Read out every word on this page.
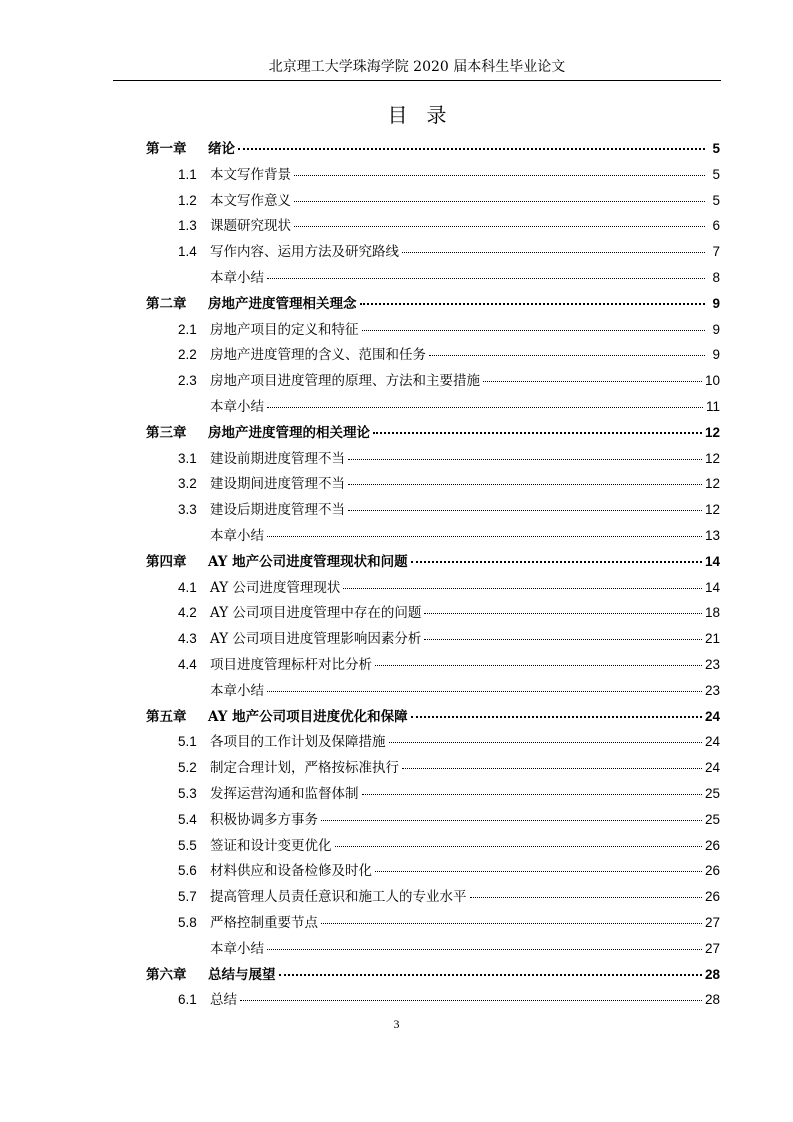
北京理工大学珠海学院 2020 届本科生毕业论文
目   录
第一章	绪论	5
1.1 本文写作背景	5
1.2 本文写作意义	5
1.3 课题研究现状	6
1.4 写作内容、运用方法及研究路线	7
本章小结	8
第二章	房地产进度管理相关理念	9
2.1 房地产项目的定义和特征	9
2.2 房地产进度管理的含义、范围和任务	9
2.3 房地产项目进度管理的原理、方法和主要措施	10
本章小结	11
第三章	房地产进度管理的相关理论	12
3.1 建设前期进度管理不当	12
3.2 建设期间进度管理不当	12
3.3 建设后期进度管理不当	12
本章小结	13
第四章	AY 地产公司进度管理现状和问题	14
4.1 AY 公司进度管理现状	14
4.2 AY 公司项目进度管理中存在的问题	18
4.3 AY 公司项目进度管理影响因素分析	21
4.4 项目进度管理标杆对比分析	23
本章小结	23
第五章	AY 地产公司项目进度优化和保障	24
5.1 各项目的工作计划及保障措施	24
5.2 制定合理计划，严格按标准执行	24
5.3 发挥运营沟通和监督体制	25
5.4 积极协调多方事务	25
5.5 签证和设计变更优化	26
5.6 材料供应和设备检修及时化	26
5.7 提高管理人员责任意识和施工人的专业水平	26
5.8 严格控制重要节点	27
本章小结	27
第六章	总结与展望	28
6.1 总结	28
3
